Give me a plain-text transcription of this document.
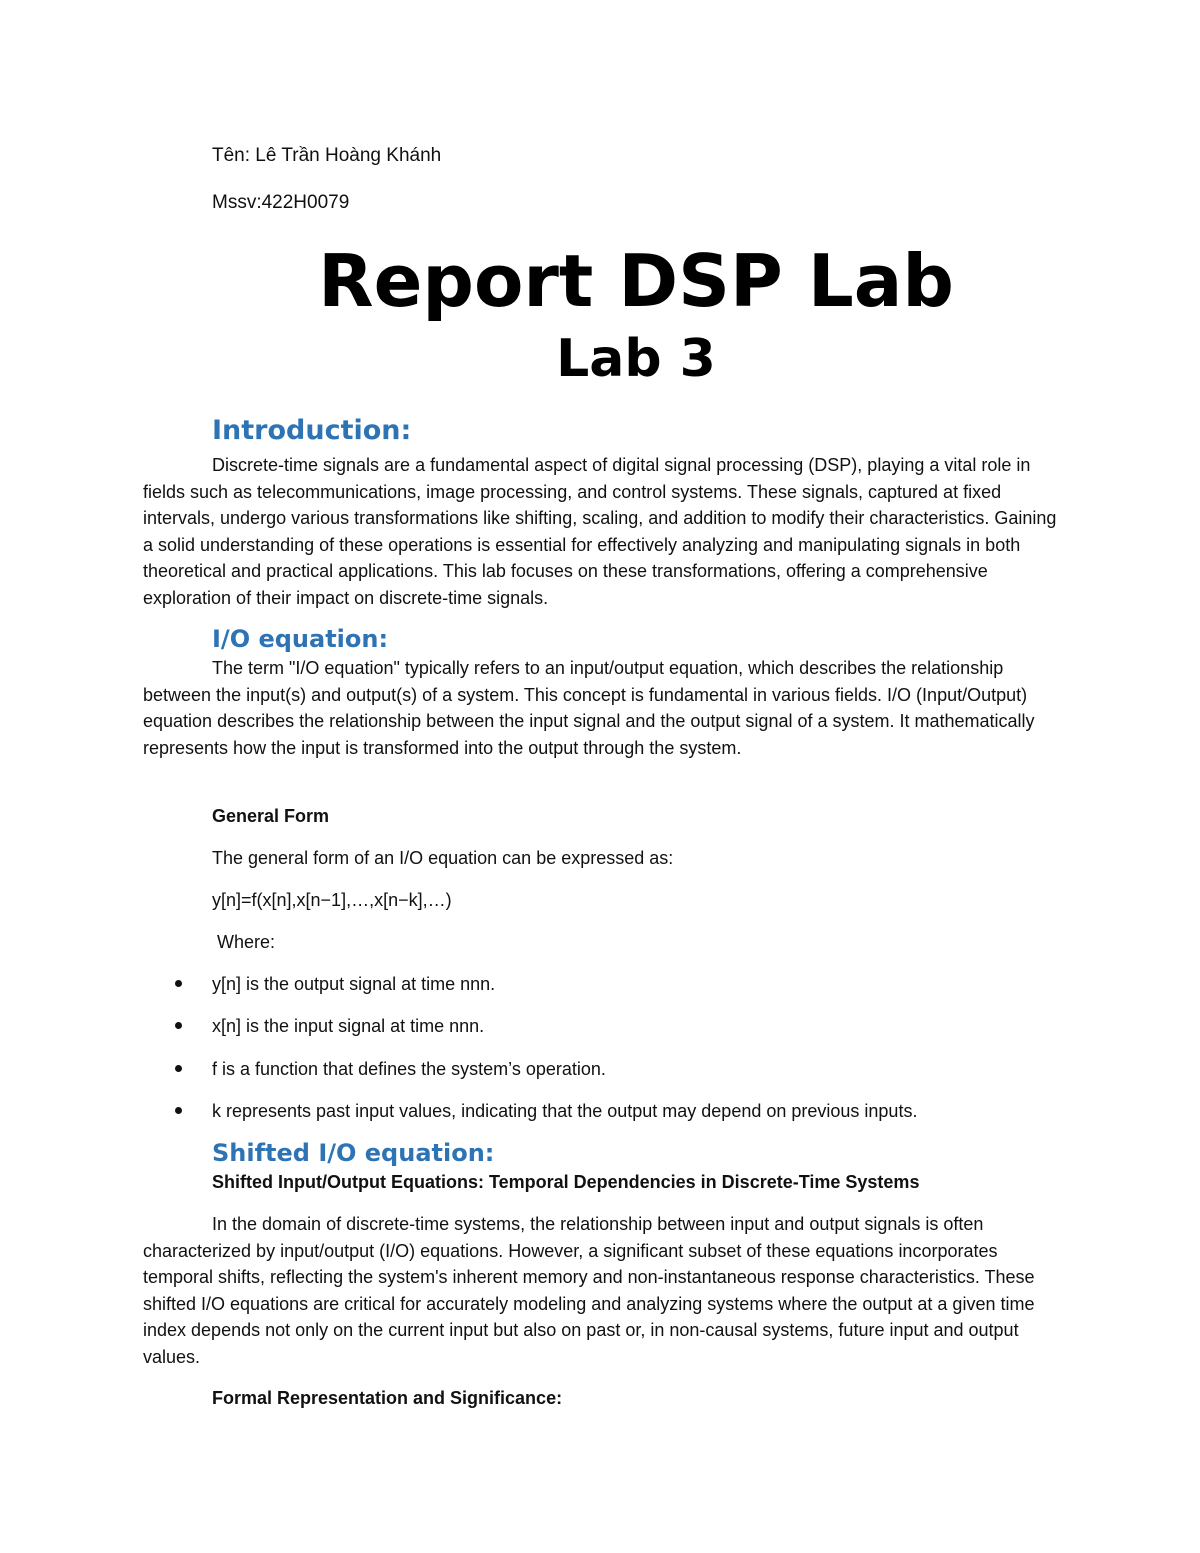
Tên: Lê Trần Hoàng Khánh

Mssv:422H0079

Report DSP Lab
Lab 3
Introduction:

Discrete-time signals are a fundamental aspect of digital signal processing (DSP), playing a vital role in fields such as telecommunications, image processing, and control systems. These signals, captured at fixed intervals, undergo various transformations like shifting, scaling, and addition to modify their characteristics. Gaining a solid understanding of these operations is essential for effectively analyzing and manipulating signals in both theoretical and practical applications. This lab focuses on these transformations, offering a comprehensive exploration of their impact on discrete-time signals.

I/O equation:

The term "I/O equation" typically refers to an input/output equation, which describes the relationship between the input(s) and output(s) of a system. This concept is fundamental in various fields. I/O (Input/Output) equation describes the relationship between the input signal and the output signal of a system. It mathematically represents how the input is transformed into the output through the system.

General Form

The general form of an I/O equation can be expressed as:

y[n]=f(x[n],x[n−1],…,x[n−k],…)

Where:

y[n] is the output signal at time nnn.

x[n] is the input signal at time nnn.

f is a function that defines the system’s operation.

k represents past input values, indicating that the output may depend on previous inputs.

Shifted I/O equation:

Shifted Input/Output Equations: Temporal Dependencies in Discrete-Time Systems

In the domain of discrete-time systems, the relationship between input and output signals is often characterized by input/output (I/O) equations. However, a significant subset of these equations incorporates temporal shifts, reflecting the system's inherent memory and non-instantaneous response characteristics. These shifted I/O equations are critical for accurately modeling and analyzing systems where the output at a given time index depends not only on the current input but also on past or, in non-causal systems, future input and output values.

Formal Representation and Significance:
